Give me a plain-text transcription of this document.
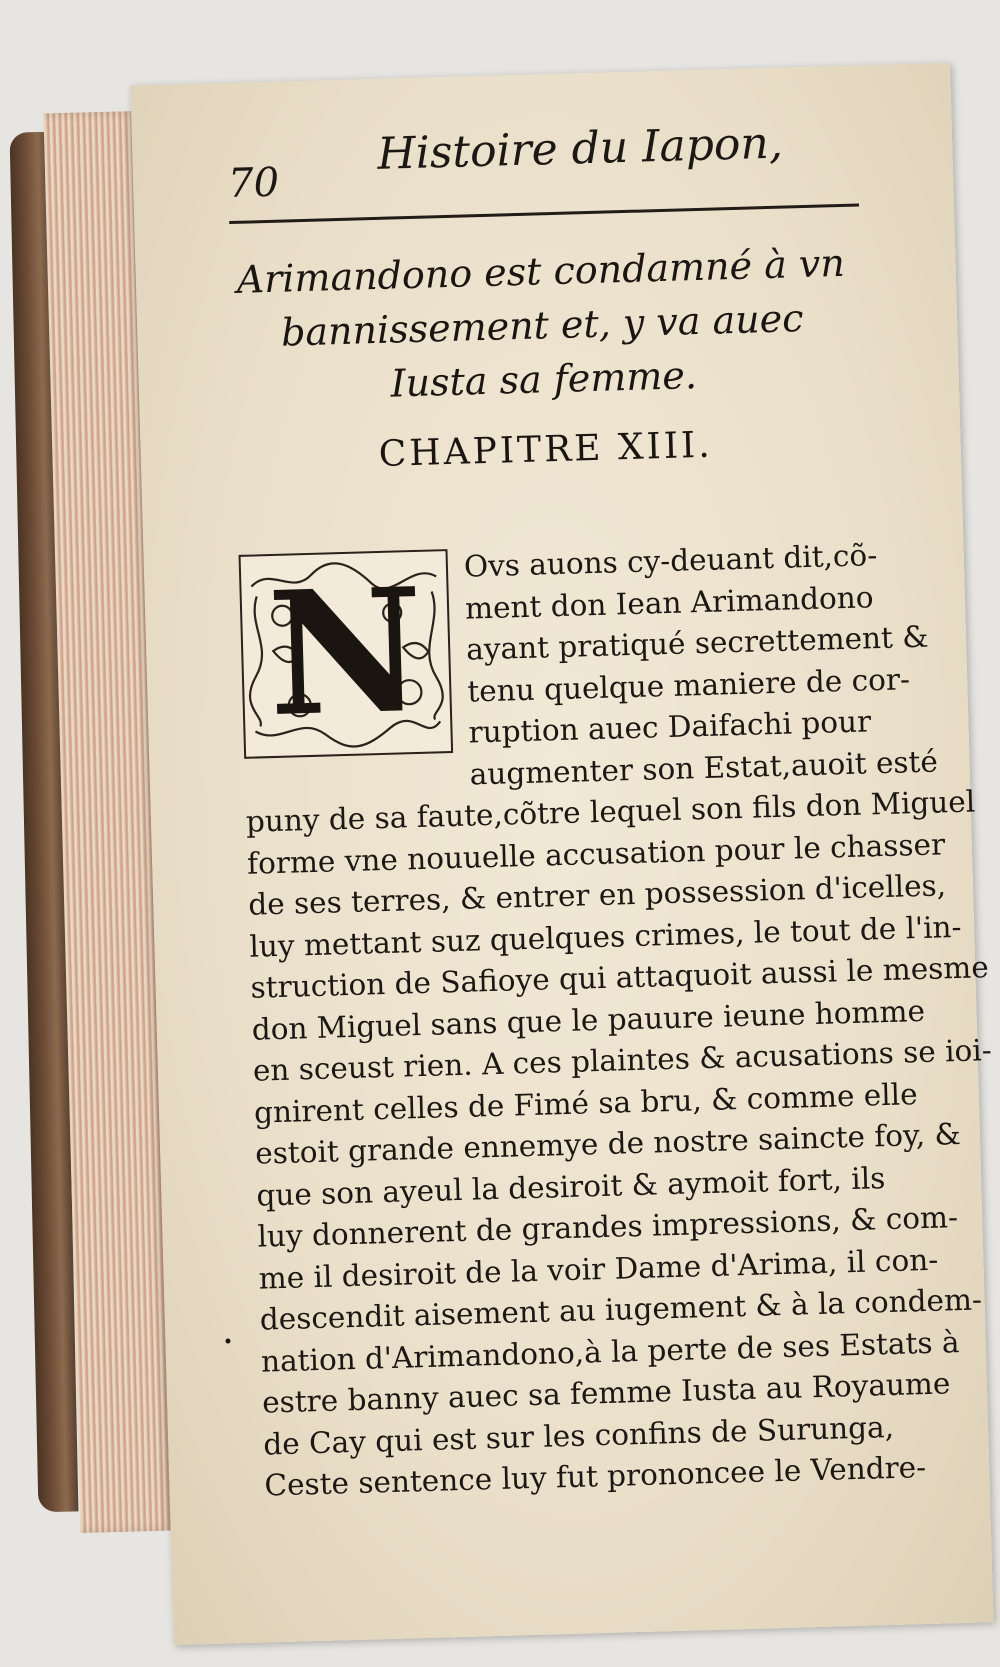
70
Histoire du Iapon,
Arimandono est condamné à vn
bannissement et, y va auec
Iusta sa femme.
CHAPITRE XIII.
N	Ovs auons cy-deuant dit,cõ-
ment don Iean Arimandono
ayant pratiqué secrettement &
tenu quelque maniere de cor-
ruption auec Daifachi pour
augmenter son Estat,auoit esté
puny de sa faute,cõtre lequel son fils don Miguel
forme vne nouuelle accusation pour le chasser
de ses terres, & entrer en possession d'icelles,
luy mettant suz quelques crimes, le tout de l'in-
struction de Safioye qui attaquoit aussi le mesme
don Miguel sans que le pauure ieune homme
en sceust rien. A ces plaintes & acusations se ioi-
gnirent celles de Fimé sa bru, & comme elle
estoit grande ennemye de nostre saincte foy, &
que son ayeul la desiroit & aymoit fort, ils
luy donnerent de grandes impressions, & com-
me il desiroit de la voir Dame d'Arima, il con-
descendit aisement au iugement & à la condem-
nation d'Arimandono,à la perte de ses Estats à
estre banny auec sa femme Iusta au Royaume
de Cay qui est sur les confins de Surunga,
Ceste sentence luy fut prononcee le Vendre-
